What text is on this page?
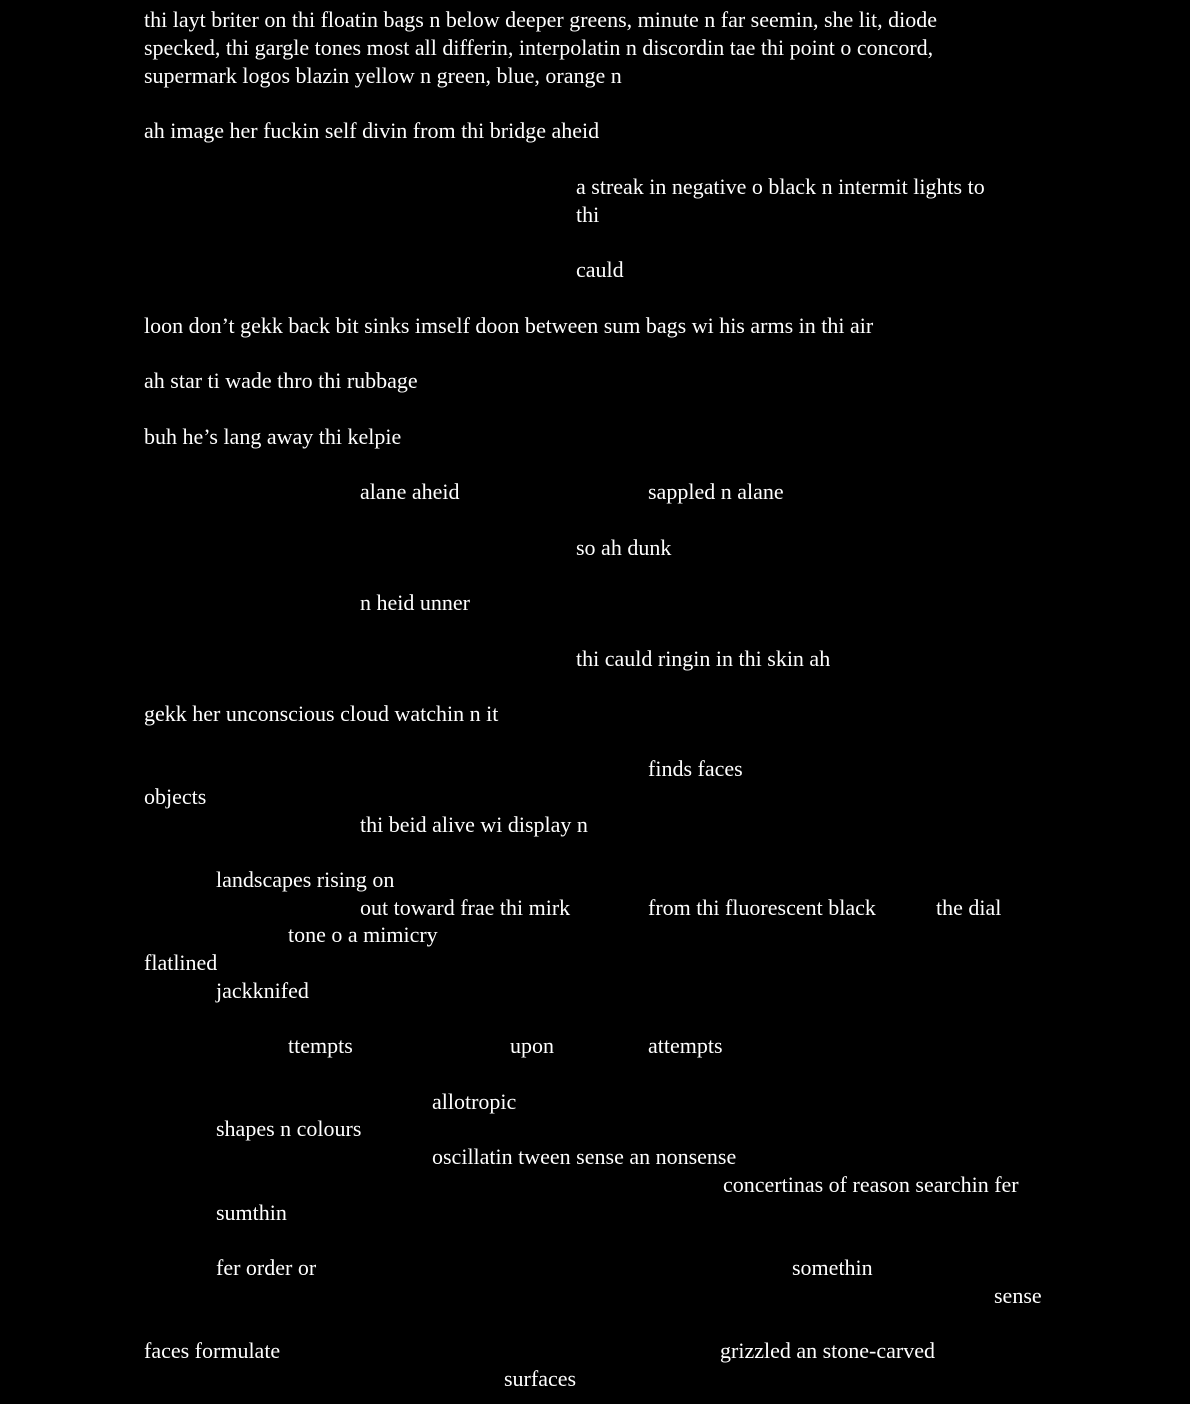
thi layt briter on thi floatin bags n below deeper greens, minute n far seemin, she lit, diode
specked, thi gargle tones most all differin, interpolatin n discordin tae thi point o concord,
supermark logos blazin yellow n green, blue, orange n
ah image her fuckin self divin from thi bridge aheid
a streak in negative o black n intermit lights to
thi
cauld
loon don’t gekk back bit sinks imself doon between sum bags wi his arms in thi air
ah star ti wade thro thi rubbage
buh he’s lang away thi kelpie
alane aheid	sappled n alane
so ah dunk
n heid unner
thi cauld ringin in thi skin ah
gekk her unconscious cloud watchin n it
finds faces
objects
thi beid alive wi display n
landscapes rising on
out toward frae thi mirk	from thi fluorescent black	the dial
tone o a mimicry
flatlined
jackknifed
ttempts	upon	attempts
allotropic
shapes n colours
oscillatin tween sense an nonsense
concertinas of reason searchin fer
sumthin
fer order or	somethin
sense
faces formulate	grizzled an stone-carved
surfaces
